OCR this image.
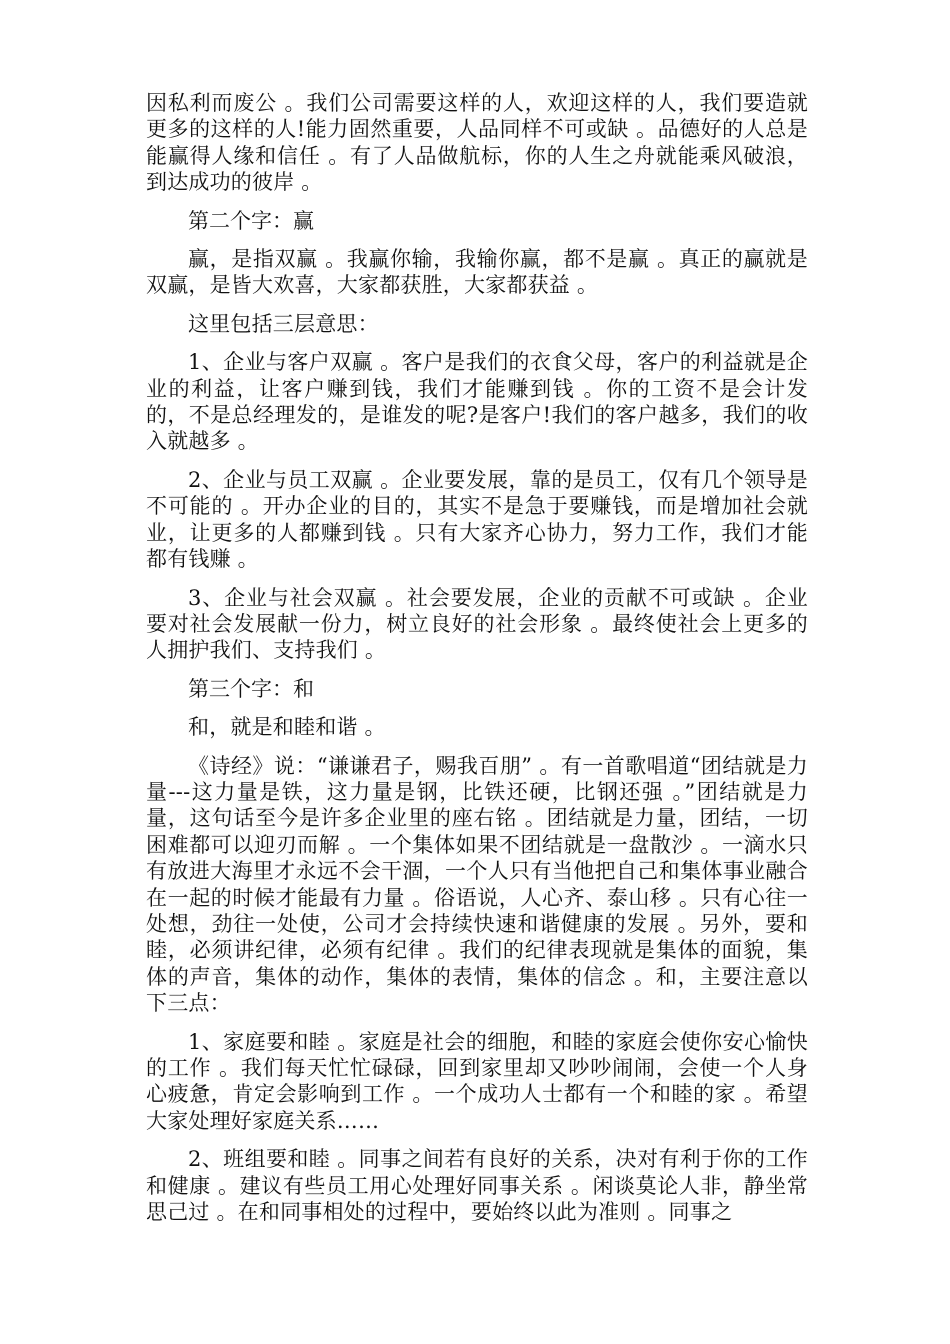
因私利而废公 。我们公司需要这样的人，欢迎这样的人，我们要造就更多的这样的人!能力固然重要，人品同样不可或缺 。品德好的人总是能赢得人缘和信任 。有了人品做航标，你的人生之舟就能乘风破浪，到达成功的彼岸 。

第二个字：赢

赢，是指双赢 。我赢你输，我输你赢，都不是赢 。真正的赢就是双赢，是皆大欢喜，大家都获胜，大家都获益 。

这里包括三层意思：

1、企业与客户双赢 。客户是我们的衣食父母，客户的利益就是企业的利益，让客户赚到钱，我们才能赚到钱 。你的工资不是会计发的，不是总经理发的，是谁发的呢?是客户!我们的客户越多，我们的收入就越多 。

2、企业与员工双赢 。企业要发展，靠的是员工，仅有几个领导是不可能的 。开办企业的目的，其实不是急于要赚钱，而是增加社会就业，让更多的人都赚到钱 。只有大家齐心协力，努力工作，我们才能都有钱赚 。

3、企业与社会双赢 。社会要发展，企业的贡献不可或缺 。企业要对社会发展献一份力，树立良好的社会形象 。最终使社会上更多的人拥护我们、支持我们 。

第三个字：和

和，就是和睦和谐 。

《诗经》说：“谦谦君子，赐我百朋” 。有一首歌唱道“团结就是力量---这力量是铁，这力量是钢，比铁还硬，比钢还强 。”团结就是力量，这句话至今是许多企业里的座右铭 。团结就是力量，团结，一切困难都可以迎刃而解 。一个集体如果不团结就是一盘散沙 。一滴水只有放进大海里才永远不会干涸，一个人只有当他把自己和集体事业融合在一起的时候才能最有力量 。俗语说，人心齐、泰山移 。只有心往一处想，劲往一处使，公司才会持续快速和谐健康的发展 。另外，要和睦，必须讲纪律，必须有纪律 。我们的纪律表现就是集体的面貌，集体的声音，集体的动作，集体的表情，集体的信念 。和，主要注意以下三点：

1、家庭要和睦 。家庭是社会的细胞，和睦的家庭会使你安心愉快的工作 。我们每天忙忙碌碌，回到家里却又吵吵闹闹，会使一个人身心疲惫，肯定会影响到工作 。一个成功人士都有一个和睦的家 。希望大家处理好家庭关系……

2、班组要和睦 。同事之间若有良好的关系，决对有利于你的工作和健康 。建议有些员工用心处理好同事关系 。闲谈莫论人非，静坐常思己过 。在和同事相处的过程中，要始终以此为准则 。同事之
